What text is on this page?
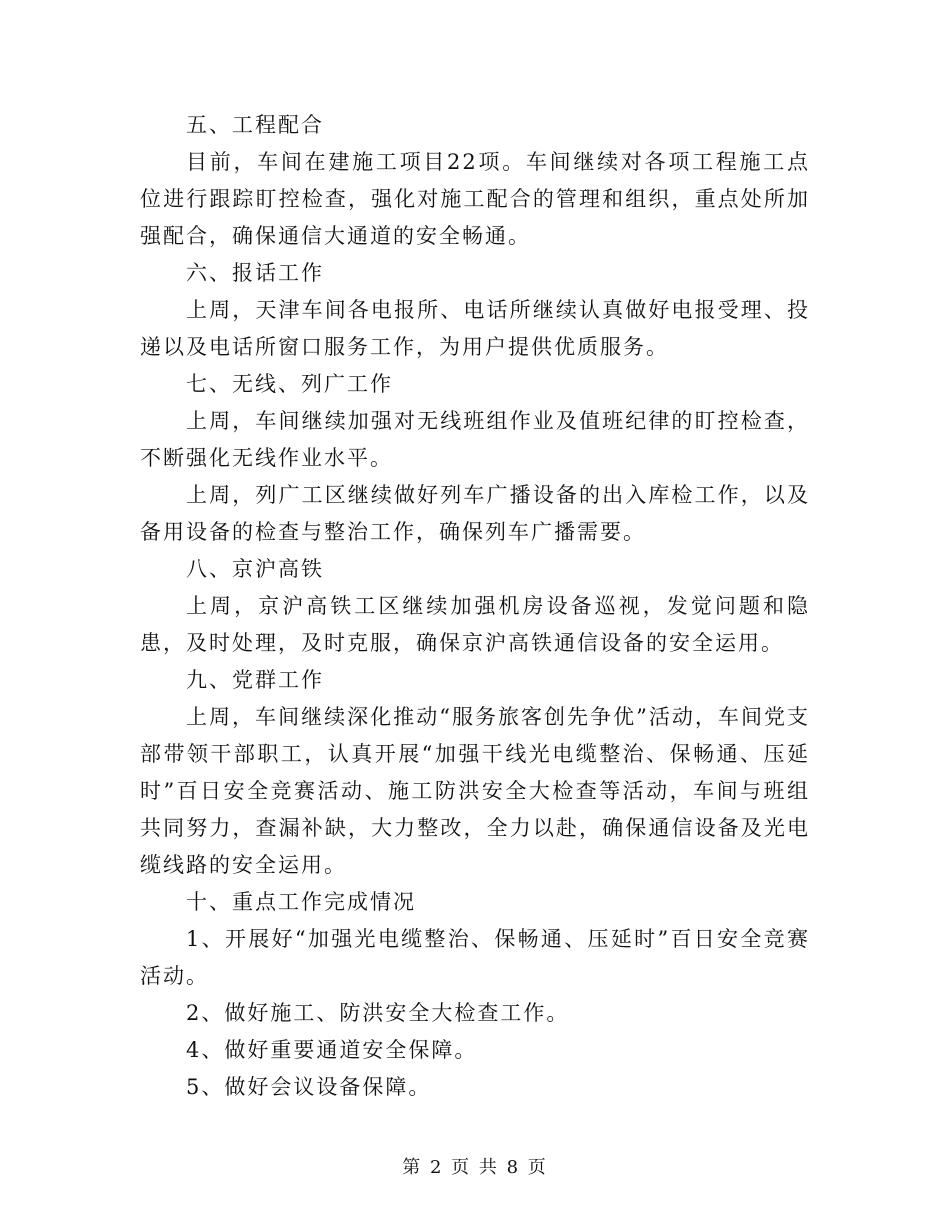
五、工程配合

目前，车间在建施工项目22项。车间继续对各项工程施工点位进行跟踪盯控检查，强化对施工配合的管理和组织，重点处所加强配合，确保通信大通道的安全畅通。

六、报话工作

上周，天津车间各电报所、电话所继续认真做好电报受理、投递以及电话所窗口服务工作，为用户提供优质服务。

七、无线、列广工作

上周，车间继续加强对无线班组作业及值班纪律的盯控检查，不断强化无线作业水平。

上周，列广工区继续做好列车广播设备的出入库检工作，以及备用设备的检查与整治工作，确保列车广播需要。

八、京沪高铁

上周，京沪高铁工区继续加强机房设备巡视，发觉问题和隐患，及时处理，及时克服，确保京沪高铁通信设备的安全运用。

九、党群工作

上周，车间继续深化推动“服务旅客创先争优”活动，车间党支部带领干部职工，认真开展“加强干线光电缆整治、保畅通、压延时”百日安全竞赛活动、施工防洪安全大检查等活动，车间与班组共同努力，查漏补缺，大力整改，全力以赴，确保通信设备及光电缆线路的安全运用。

十、重点工作完成情况

1、开展好“加强光电缆整治、保畅通、压延时”百日安全竞赛活动。

2、做好施工、防洪安全大检查工作。

4、做好重要通道安全保障。

5、做好会议设备保障。

第 2 页 共 8 页
